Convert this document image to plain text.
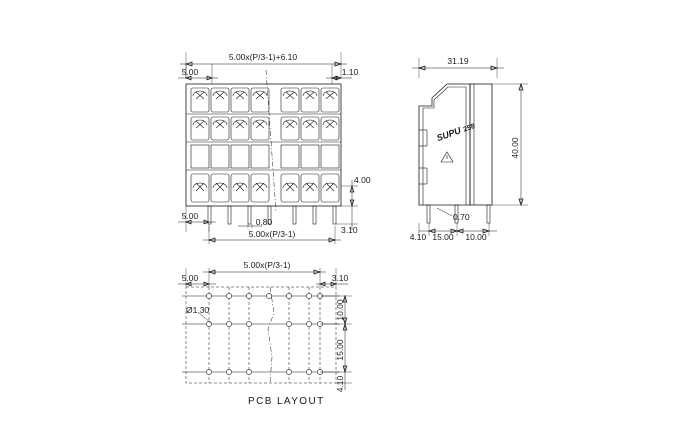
5.00x(P/3-1)+6.10
5.00	1.10
4.00
3.10
5.00
0.80
5.00x(P/3-1)
31.19
SUPU 258
40.00
0.70
4.10 15.00 10.00
5.00
5.00x(P/3-1)
3.10
Ø1.30	10.00
15.00
4.10
PCB LAYOUT
